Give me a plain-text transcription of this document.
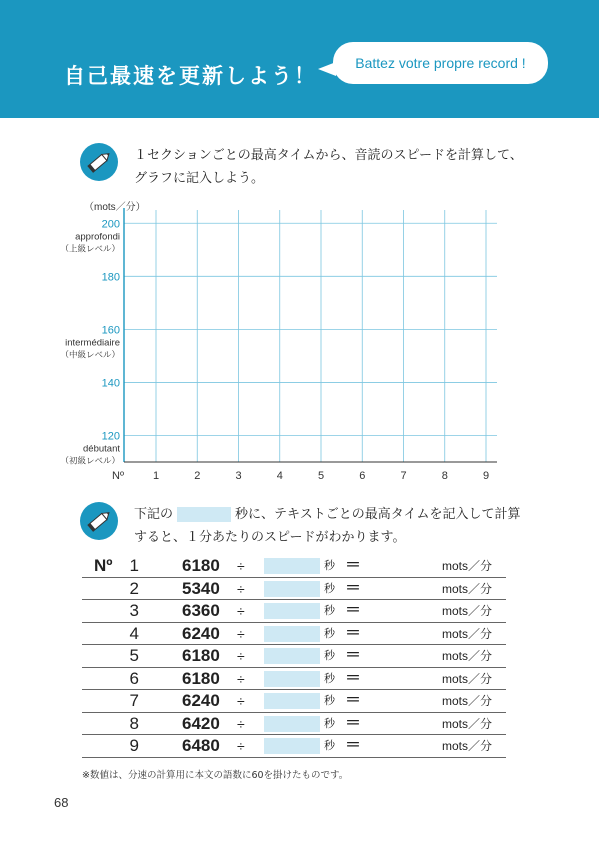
自己最速を更新しよう！
Battez votre propre record !
１セクションごとの最高タイムから、音読のスピードを計算して、グラフに記入しよう。
（mots／分）
120
140
160
180
200
approfondi
（上級レベル）
intermédiaire
（中級レベル）
débutant
（初級レベル）
Nº	1	2	3	4	5	6	7	8	9
下記の	秒に、テキストごとの最高タイムを記入して計算すると、１分あたりのスピードがわかります。
Nº	1	6180	÷	秒 ＝	mots／分
2	5340	÷	秒 ＝	mots／分
3	6360	÷	秒 ＝	mots／分
4	6240	÷	秒 ＝	mots／分
5	6180	÷	秒 ＝	mots／分
6	6180	÷	秒 ＝	mots／分
7	6240	÷	秒 ＝	mots／分
8	6420	÷	秒 ＝	mots／分
9	6480	÷	秒 ＝	mots／分
※数値は、分速の計算用に本文の語数に60を掛けたものです。
68
